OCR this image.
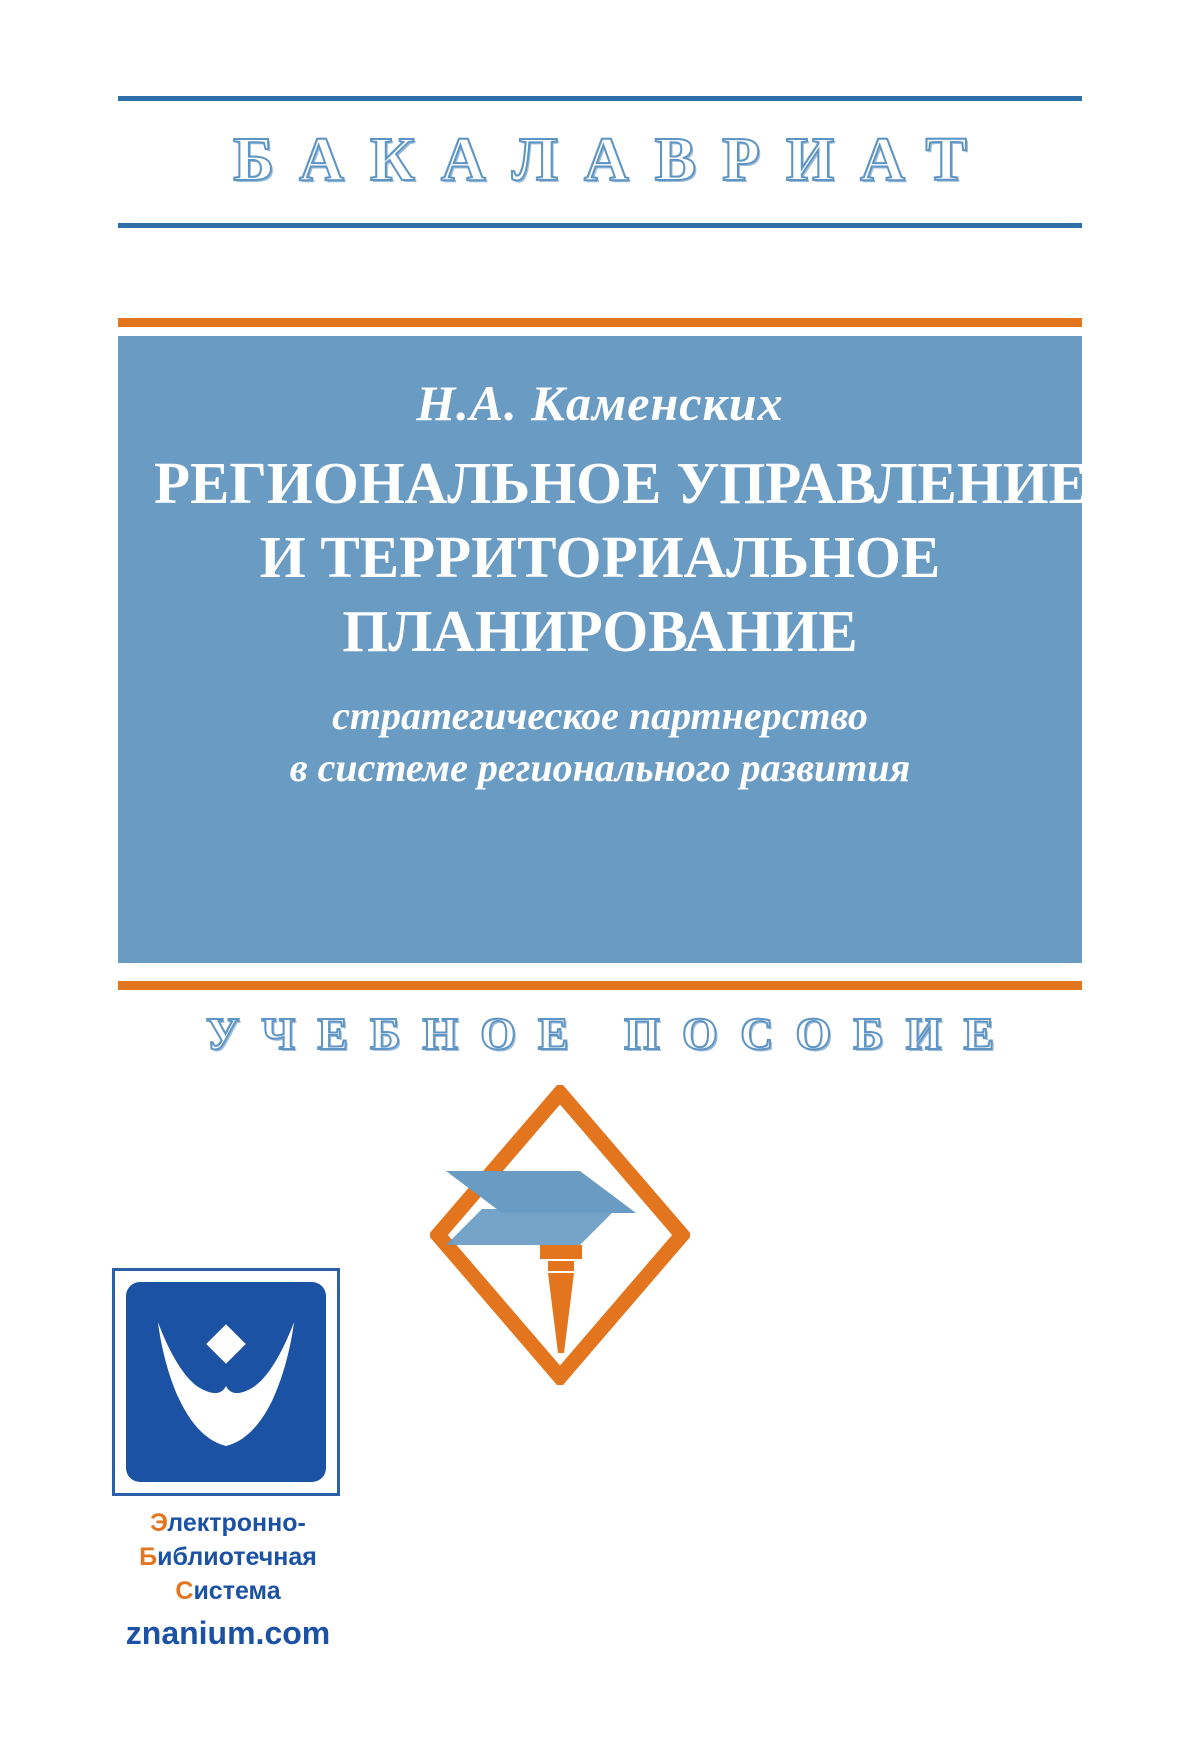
БАКАЛАВРИАТ
Н.А. Каменских
РЕГИОНАЛЬНОЕ УПРАВЛЕНИЕ
И ТЕРРИТОРИАЛЬНОЕ
ПЛАНИРОВАНИЕ
стратегическое партнерство
в системе регионального развития
УЧЕБНОЕ ПОСОБИЕ
Электронно-
Библиотечная
Система
znanium.com
